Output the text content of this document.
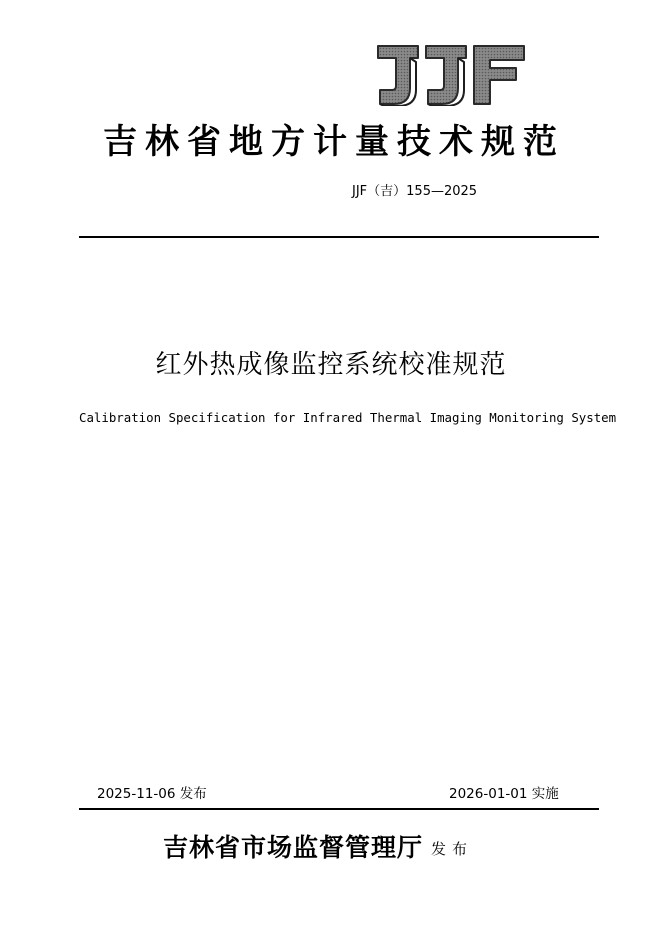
吉林省地方计量技术规范
JJF（吉）155—2025
红外热成像监控系统校准规范
Calibration Specification for Infrared Thermal Imaging Monitoring System
2025-11-06 发布	2026-01-01 实施
吉林省市场监督管理厅 发布
